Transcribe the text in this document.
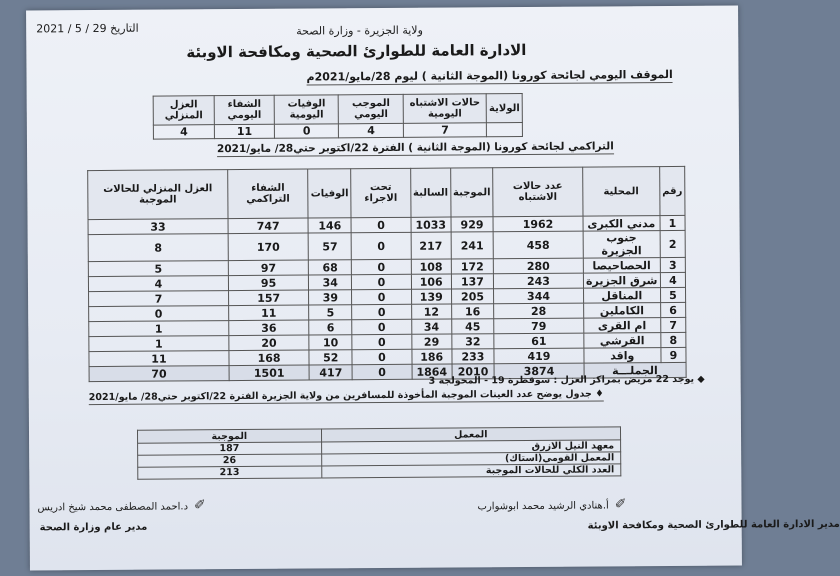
التاريخ 29 / 5 / 2021	ولاية الجزيرة - وزارة الصحة
الادارة العامة للطوارئ الصحية ومكافحة الاوبئة
الموقف اليومي لجائحة كورونا (الموجة الثانية ) ليوم 28/مايو/2021م
الولاية	حالات الاشتباه اليومية	الموجب اليومي	الوفيات اليومية	الشفاء اليومي	العزل المنزلي
	7	4	0	11	4
التراكمي لجائحة كورونا (الموجة الثانية ) الفترة 22/اكتوبر حتي28/ مايو/2021
رقم	المحلية	عدد حالات الاشتباه	الموجبة	السالبة	تحت الاجراء	الوفيات	الشفاء التراكمي	العزل المنزلي للحالات الموجبة
1	مدني الكبرى	1962	929	1033	0	146	747	33
2	جنوب الجزيرة	458	241	217	0	57	170	8
3	الحصاحيصا	280	172	108	0	68	97	5
4	شرق الجزيرة	243	137	106	0	34	95	4
5	المناقل	344	205	139	0	39	157	7
6	الكاملين	28	16	12	0	5	11	0
7	ام القرى	79	45	34	0	6	36	1
8	القرشي	61	32	29	0	10	20	1
9	واقد	419	233	186	0	52	168	11
الجملـــة		3874	2010	1864	0	417	1501	70	◆ يوجد 22 مريض بمراكز العزل : سوقطرة 19 - المحولجة 3
♦ جدول يوضح عدد العينات الموجبة المأخوذة للمسافرين من ولاية الجزيرة الفترة 22/اكتوبر حتي28/ مايو/2021
المعمل	الموجبة
معهد النيل الازرق	187
المعمل القومي(استاك)	26
العدد الكلي للحالات الموجبة	213
✐أ.هنادي الرشيد محمد ابوشوارب
مدير الادارة العامة للطوارئ الصحية ومكافحة الاوبئة
✐د.احمد المصطفى محمد شيخ ادريس
مدير عام وزارة الصحة
